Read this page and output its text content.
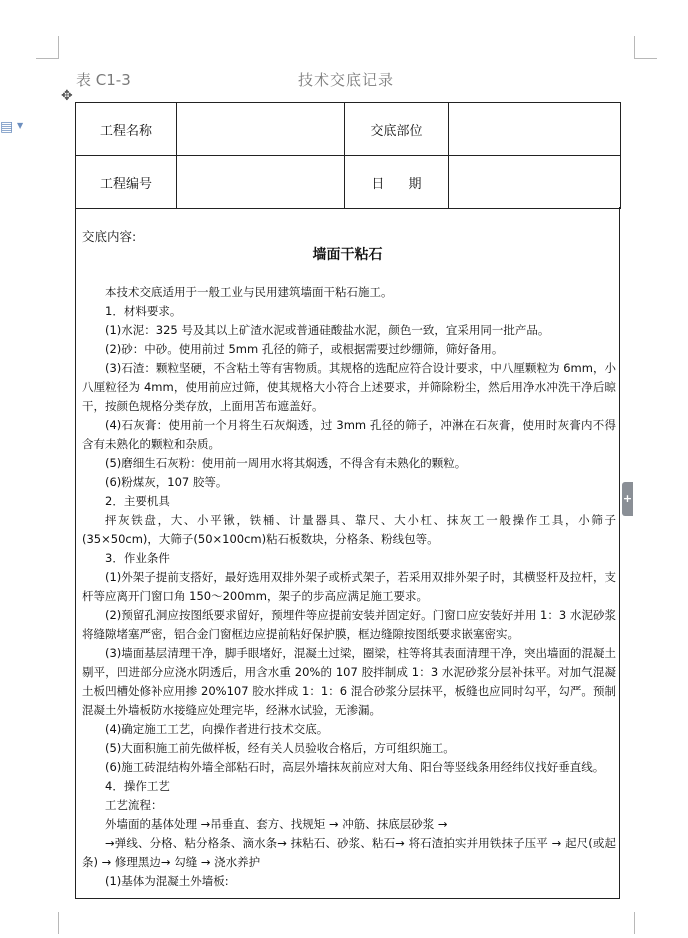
✥
▤ ▼
+
表 C1-3	技术交底记录
工程名称		交底部位	
工程编号		日 期	
交底内容:
墙面干粘石

本技术交底适用于一般工业与民用建筑墙面干粘石施工。

1．材料要求。

(1)水泥：325 号及其以上矿渣水泥或普通硅酸盐水泥，颜色一致，宜采用同一批产品。

(2)砂：中砂。使用前过 5mm 孔径的筛子，或根据需要过纱绷筛，筛好备用。

(3)石渣：颗粒坚硬，不含粘土等有害物质。其规格的选配应符合设计要求，中八厘颗粒为 6mm，小八厘粒径为 4mm，使用前应过筛，使其规格大小符合上述要求，并筛除粉尘，然后用净水冲洗干净后晾干，按颜色规格分类存放，上面用苫布遮盖好。

(4)石灰膏：使用前一个月将生石灰焖透，过 3mm 孔径的筛子，冲淋在石灰膏，使用时灰膏内不得含有未熟化的颗粒和杂质。

(5)磨细生石灰粉：使用前一周用水将其焖透，不得含有未熟化的颗粒。

(6)粉煤灰，107 胶等。

2．主要机具

抨灰铁盘，大、小平锹，铁桶、计量器具、靠尺、大小杠、抹灰工一般操作工具，小筛子(35×50cm)，大筛子(50×100cm)粘石板数块，分格条、粉线包等。

3．作业条件

(1)外架子提前支搭好，最好选用双排外架子或桥式架子，若采用双排外架子时，其横竖杆及拉杆，支杆等应离开门窗口角 150～200mm，架子的步高应满足施工要求。

(2)预留孔洞应按图纸要求留好，预埋件等应提前安装并固定好。门窗口应安装好并用 1：3 水泥砂浆将缝隙堵塞严密，铝合金门窗框边应提前粘好保护膜，框边缝隙按图纸要求嵌塞密实。

(3)墙面基层清理干净，脚手眼堵好，混凝土过梁，圈梁，柱等将其表面清理干净，突出墙面的混凝土剔平，凹进部分应浇水阴透后，用含水重 20%的 107 胶拌制成 1：3 水泥砂浆分层补抹平。对加气混凝土板凹槽处修补应用掺 20%107 胶水拌成 1：1：6 混合砂浆分层抹平，板缝也应同时勾平，勾严。预制混凝土外墙板防水接缝应处理完毕，经淋水试验，无渗漏。

(4)确定施工工艺，向操作者进行技术交底。

(5)大面积施工前先做样板，经有关人员验收合格后，方可组织施工。

(6)施工砖混结构外墙全部粘石时，高层外墙抹灰前应对大角、阳台等竖线条用经纬仪找好垂直线。

4．操作工艺

工艺流程：

外墙面的基体处理 →吊垂直、套方、找规矩 → 冲筋、抹底层砂浆 →

→弹线、分格、粘分格条、滴水条→ 抹粘石、砂浆、粘石→ 将石渣拍实并用铁抹子压平 → 起尺(或起条) → 修理黑边→ 勾缝 → 浇水养护

(1)基体为混凝土外墙板:
